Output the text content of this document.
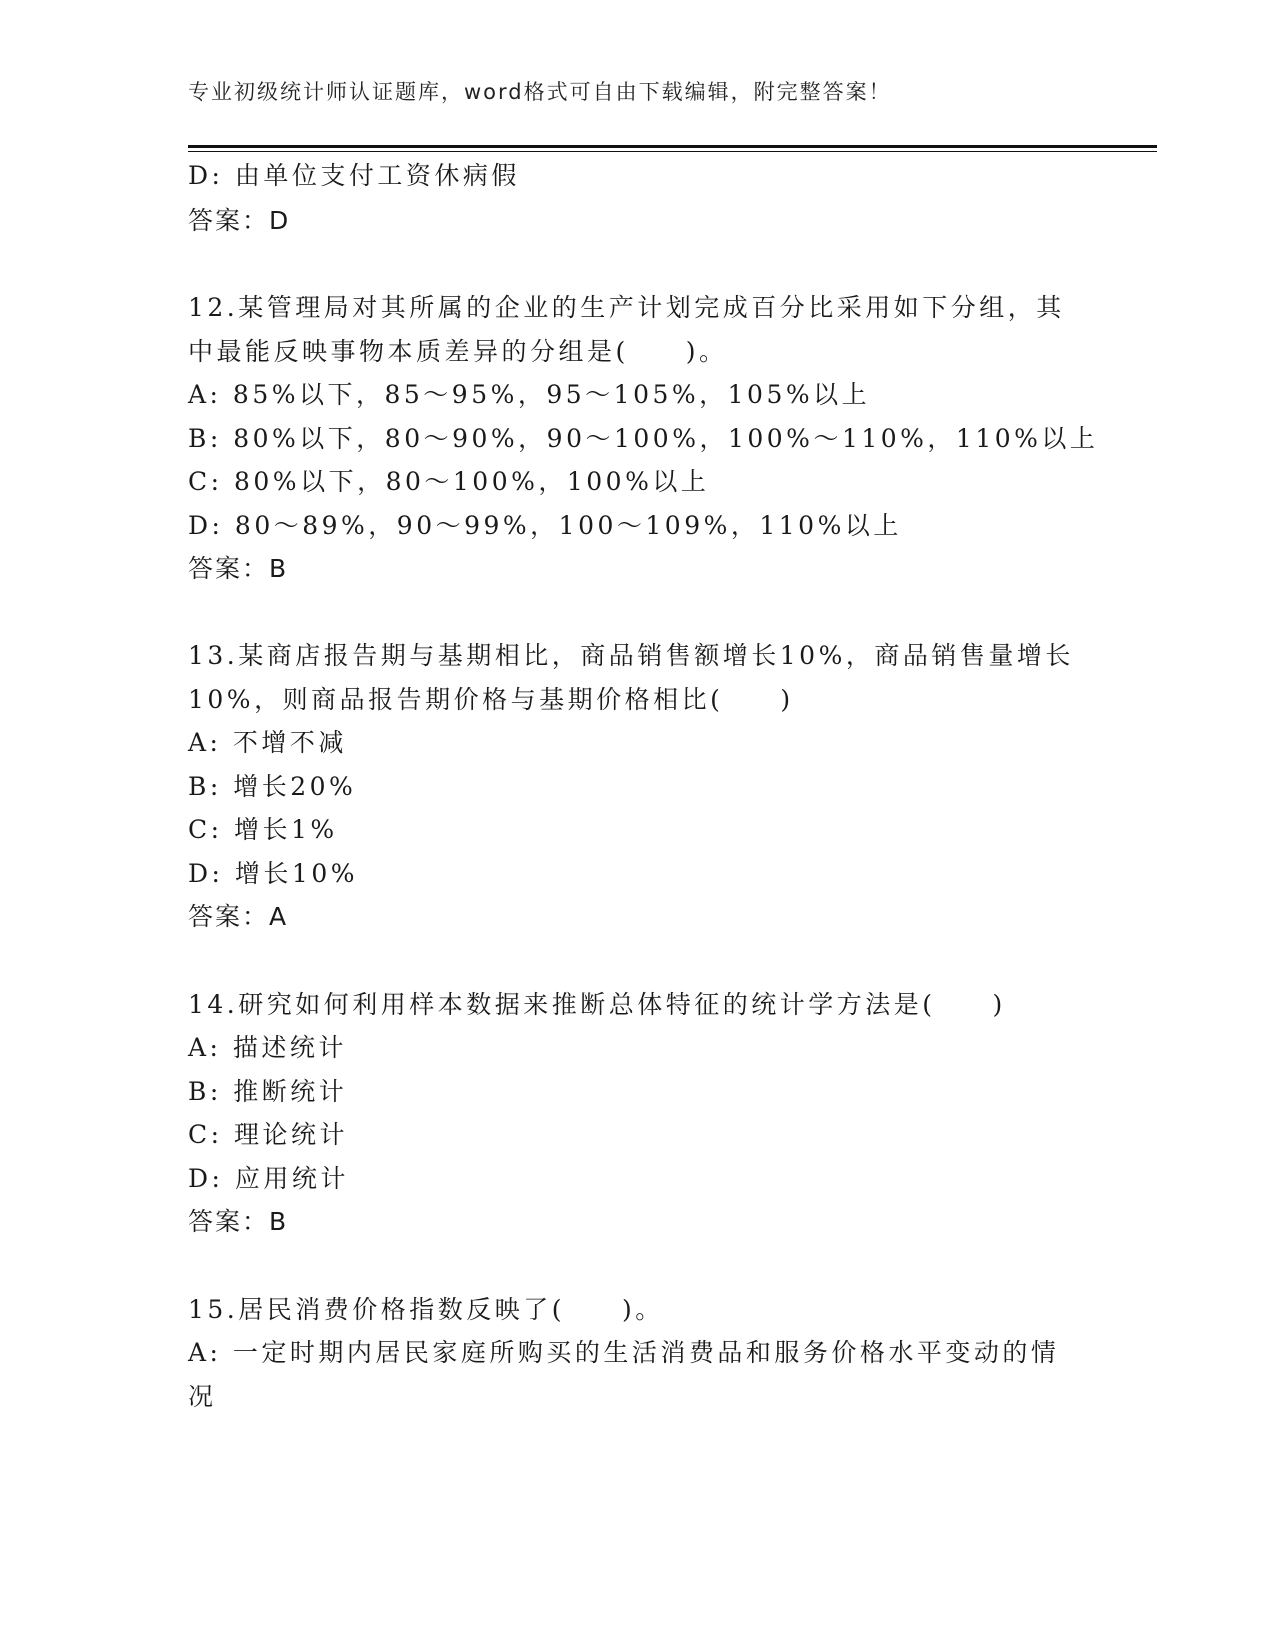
专业初级统计师认证题库，word格式可自由下载编辑，附完整答案！
D: 由单位支付工资休病假
答案：D
12.某管理局对其所属的企业的生产计划完成百分比采用如下分组，其
中最能反映事物本质差异的分组是(　　)。
A: 85%以下，85～95%，95～105%，105%以上
B: 80%以下，80～90%，90～100%，100%～110%，110%以上
C: 80%以下，80～100%，100%以上
D: 80～89%，90～99%，100～109%，110%以上
答案：B
13.某商店报告期与基期相比，商品销售额增长10%，商品销售量增长
10%，则商品报告期价格与基期价格相比(　　)
A: 不增不减
B: 增长20%
C: 增长1%
D: 增长10%
答案：A
14.研究如何利用样本数据来推断总体特征的统计学方法是(　　)
A: 描述统计
B: 推断统计
C: 理论统计
D: 应用统计
答案：B
15.居民消费价格指数反映了(　　)。
A: 一定时期内居民家庭所购买的生活消费品和服务价格水平变动的情
况
